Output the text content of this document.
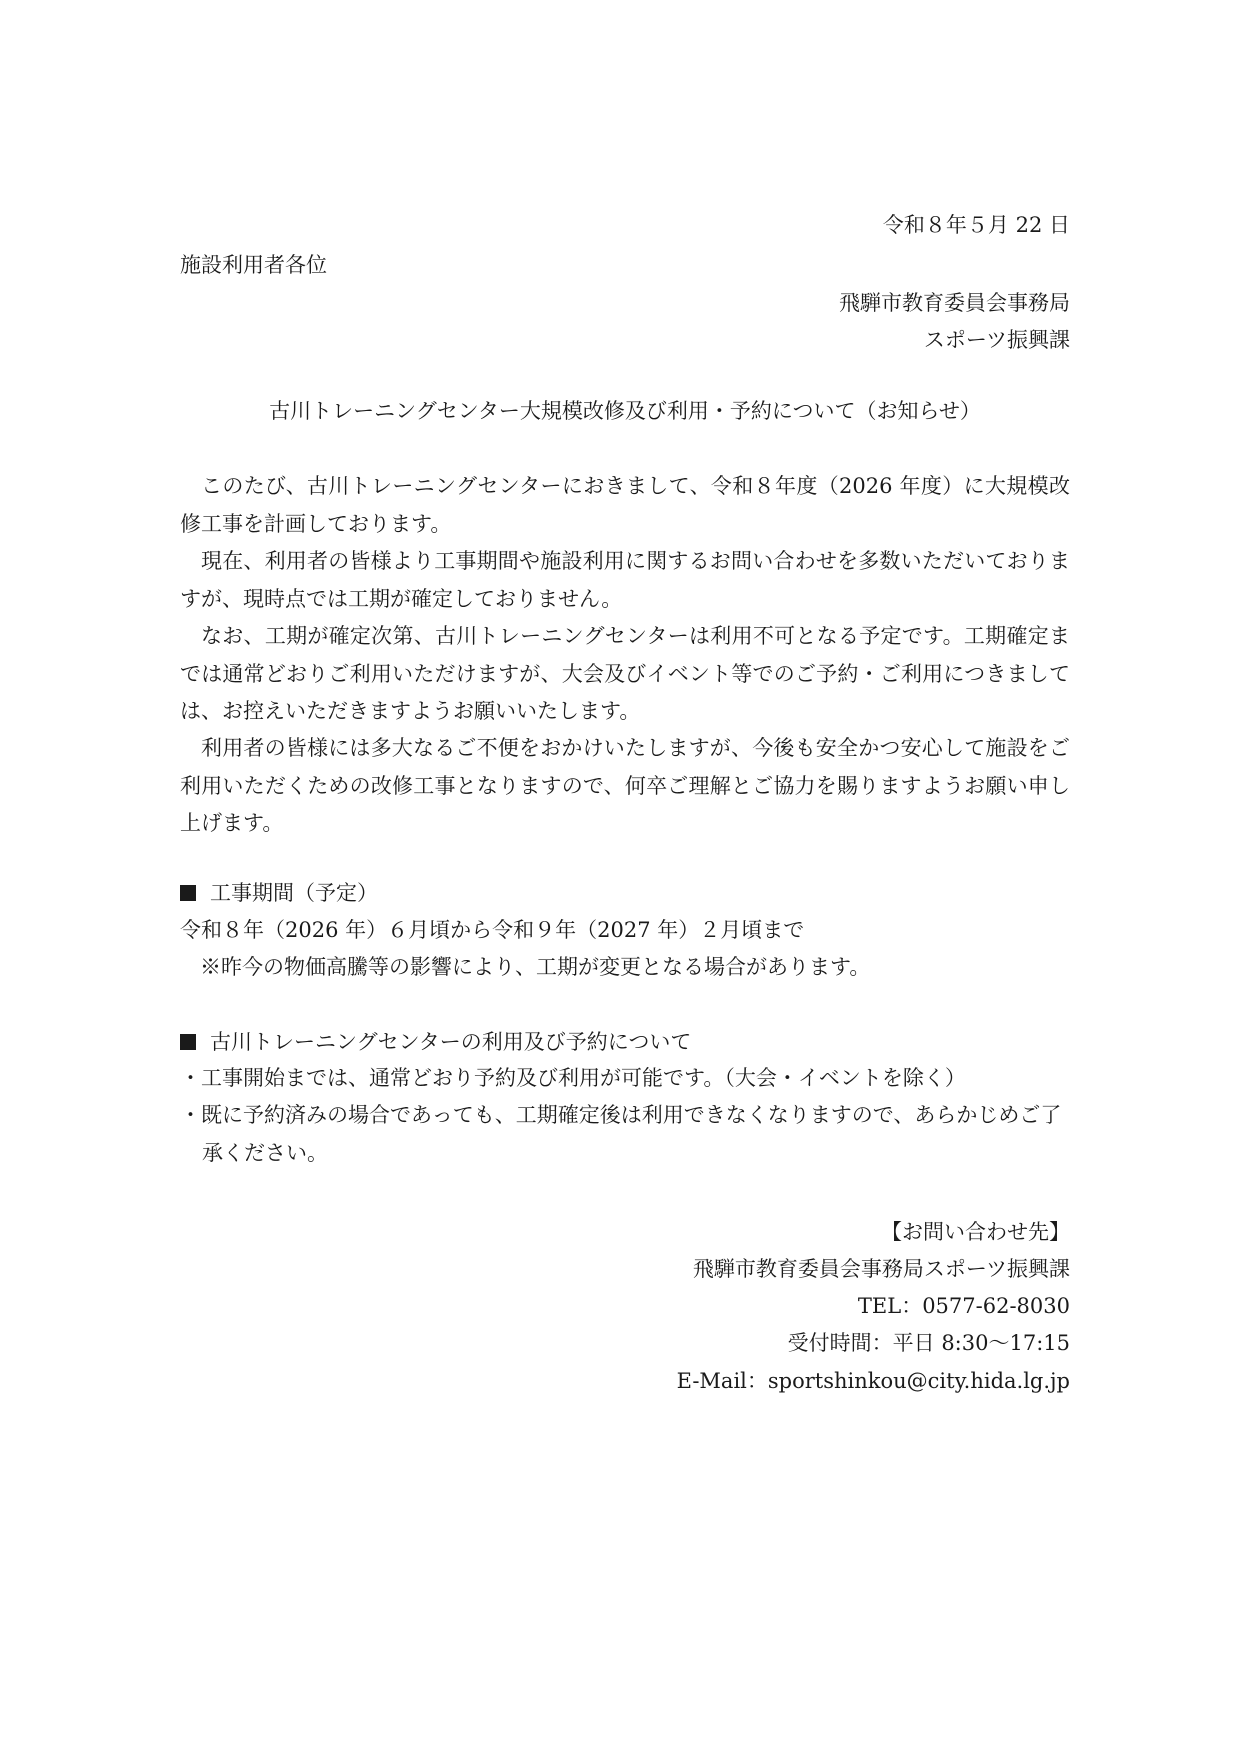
令和８年５月 22 日
施設利用者各位
飛騨市教育委員会事務局
スポーツ振興課
古川トレーニングセンター大規模改修及び利用・予約について（お知らせ）
このたび、古川トレーニングセンターにおきまして、令和８年度（2026 年度）に大規模改修工事を計画しております。
現在、利用者の皆様より工事期間や施設利用に関するお問い合わせを多数いただいておりますが、現時点では工期が確定しておりません。
なお、工期が確定次第、古川トレーニングセンターは利用不可となる予定です。工期確定までは通常どおりご利用いただけますが、大会及びイベント等でのご予約・ご利用につきましては、お控えいただきますようお願いいたします。
利用者の皆様には多大なるご不便をおかけいたしますが、今後も安全かつ安心して施設をご利用いただくための改修工事となりますので、何卒ご理解とご協力を賜りますようお願い申し上げます。
工事期間（予定）
令和８年（2026 年）６月頃から令和９年（2027 年）２月頃まで
※昨今の物価高騰等の影響により、工期が変更となる場合があります。
古川トレーニングセンターの利用及び予約について
・工事開始までは、通常どおり予約及び利用が可能です。（大会・イベントを除く）
・既に予約済みの場合であっても、工期確定後は利用できなくなりますので、あらかじめご了承ください。
【お問い合わせ先】
飛騨市教育委員会事務局スポーツ振興課
TEL：0577-62-8030
受付時間：平日 8:30～17:15
E-Mail：sportshinkou@city.hida.lg.jp
